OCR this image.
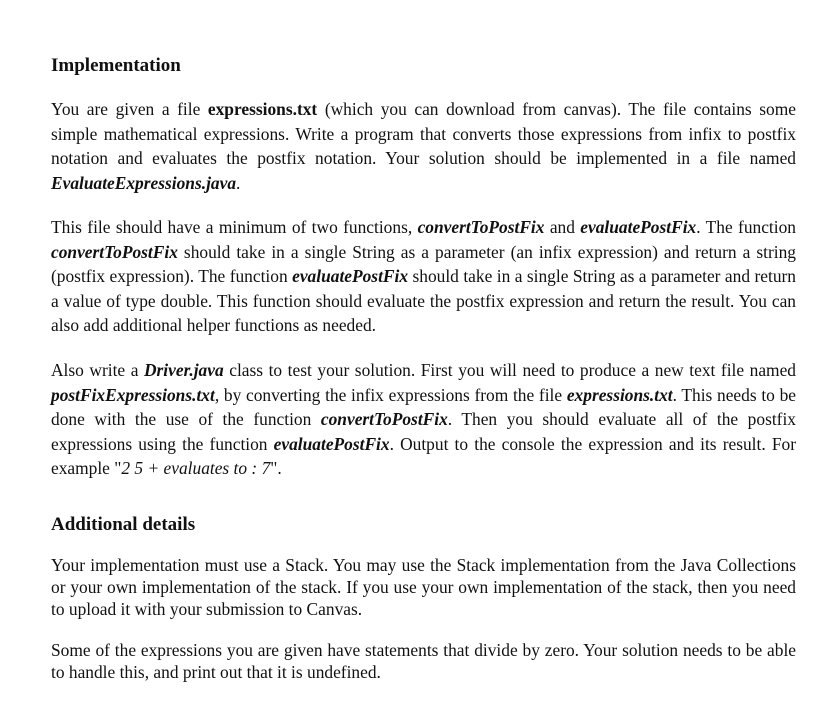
Implementation

You are given a file expressions.txt (which you can download from canvas). The file contains some simple mathematical expressions. Write a program that converts those expressions from infix to postfix notation and evaluates the postfix notation. Your solution should be implemented in a file named EvaluateExpressions.java.

This file should have a minimum of two functions, convertToPostFix and evaluatePostFix. The function convertToPostFix should take in a single String as a parameter (an infix expression) and return a string (postfix expression). The function evaluatePostFix should take in a single String as a parameter and return a value of type double. This function should evaluate the postfix expression and return the result. You can also add additional helper functions as needed.

Also write a Driver.java class to test your solution. First you will need to produce a new text file named postFixExpressions.txt, by converting the infix expressions from the file expressions.txt. This needs to be done with the use of the function convertToPostFix. Then you should evaluate all of the postfix expressions using the function evaluatePostFix. Output to the console the expression and its result. For example "2 5 + evaluates to : 7".

Additional details

Your implementation must use a Stack. You may use the Stack implementation from the Java Collections or your own implementation of the stack. If you use your own implementation of the stack, then you need to upload it with your submission to Canvas.

Some of the expressions you are given have statements that divide by zero. Your solution needs to be able to handle this, and print out that it is undefined.
